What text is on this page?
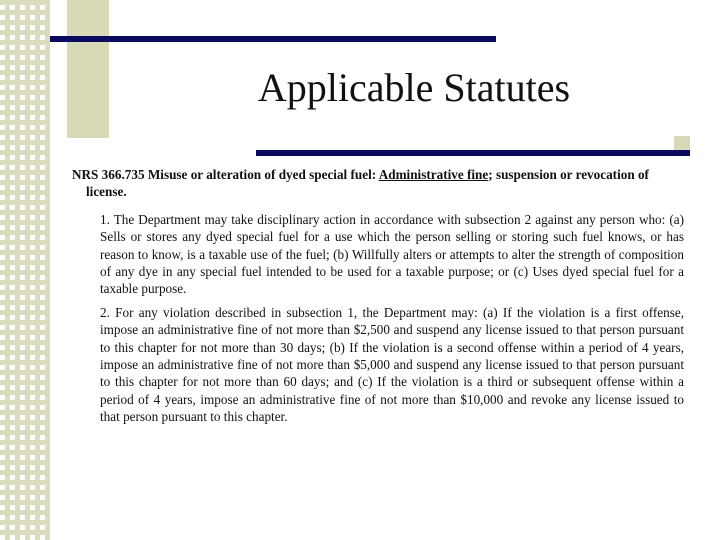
Applicable Statutes

NRS 366.735 Misuse or alteration of dyed special fuel: Administrative fine; suspension or revocation of license.

1. The Department may take disciplinary action in accordance with subsection 2 against any person who: (a) Sells or stores any dyed special fuel for a use which the person selling or storing such fuel knows, or has reason to know, is a taxable use of the fuel; (b) Willfully alters or attempts to alter the strength of composition of any dye in any special fuel intended to be used for a taxable purpose; or (c) Uses dyed special fuel for a taxable purpose.

2. For any violation described in subsection 1, the Department may: (a) If the violation is a first offense, impose an administrative fine of not more than $2,500 and suspend any license issued to that person pursuant to this chapter for not more than 30 days; (b) If the violation is a second offense within a period of 4 years, impose an administrative fine of not more than $5,000 and suspend any license issued to that person pursuant to this chapter for not more than 60 days; and (c) If the violation is a third or subsequent offense within a period of 4 years, impose an administrative fine of not more than $10,000 and revoke any license issued to that person pursuant to this chapter.
